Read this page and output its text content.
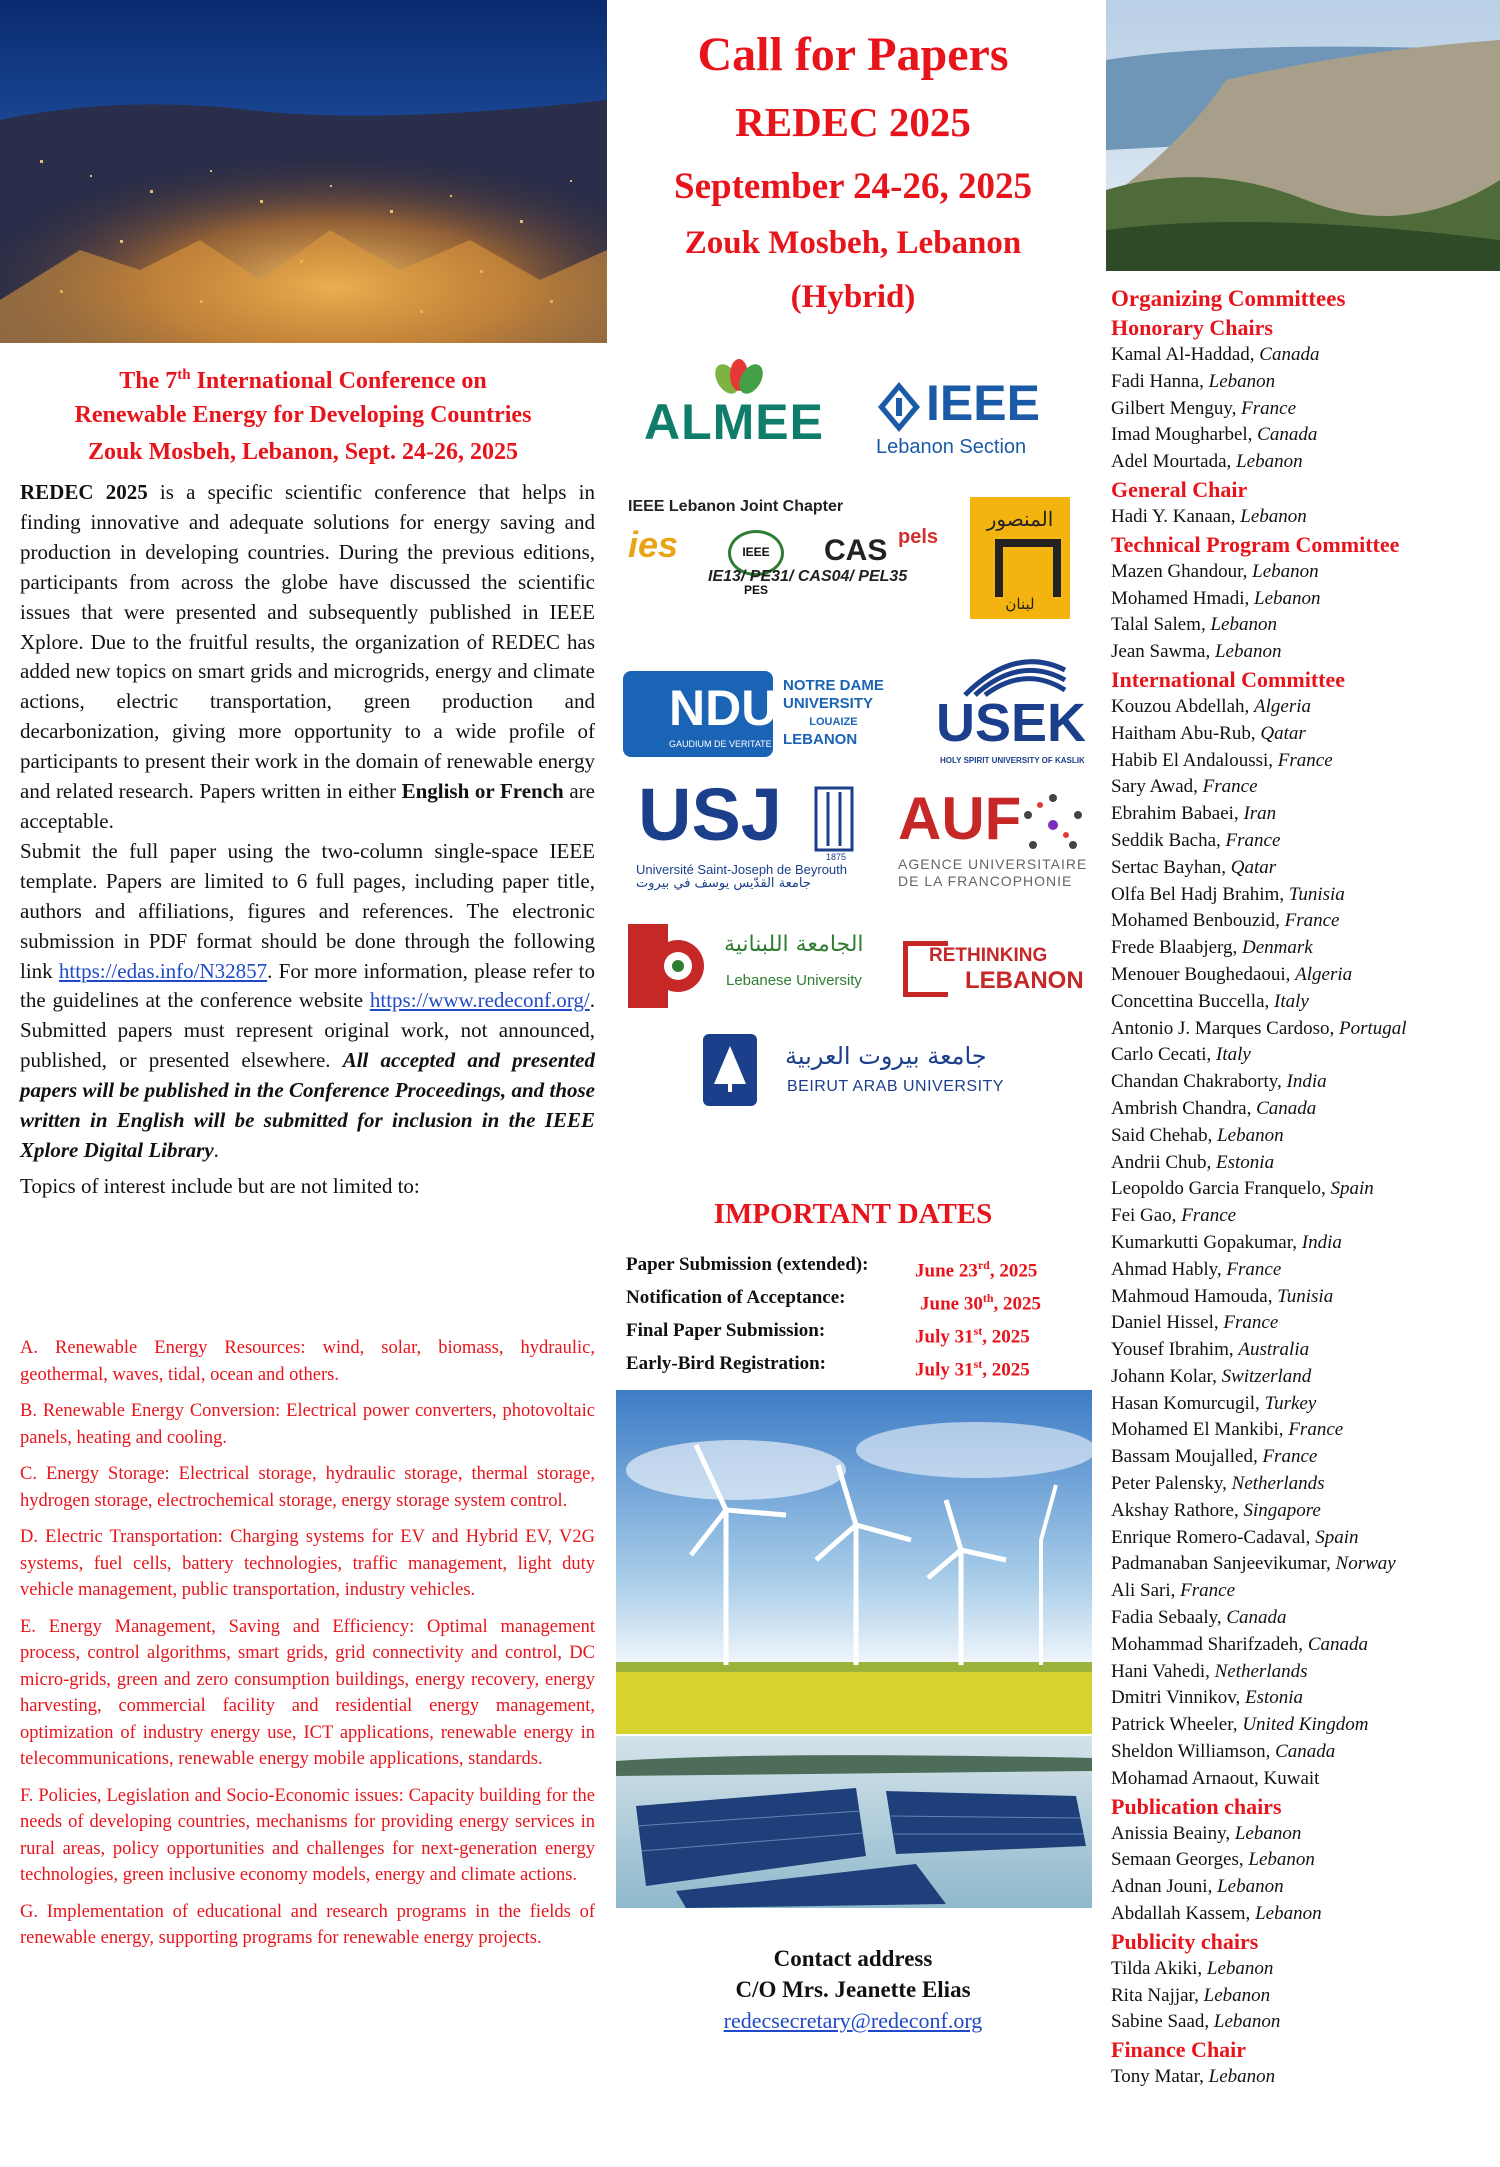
The 7th International Conference on
Renewable Energy for Developing Countries
Zouk Mosbeh, Lebanon, Sept. 24-26, 2025

REDEC 2025 is a specific scientific conference that helps in finding innovative and adequate solutions for energy saving and production in developing countries. During the previous editions, participants from across the globe have discussed the scientific issues that were presented and subsequently published in IEEE Xplore. Due to the fruitful results, the organization of REDEC has added new topics on smart grids and microgrids, energy and climate actions, electric transportation, green production and decarbonization, giving more opportunity to a wide profile of participants to present their work in the domain of renewable energy and related research. Papers written in either English or French are acceptable.

Submit the full paper using the two-column single-space IEEE template. Papers are limited to 6 full pages, including paper title, authors and affiliations, figures and references. The electronic submission in PDF format should be done through the following link https://edas.info/N32857. For more information, please refer to the guidelines at the conference website https://www.redeconf.org/. Submitted papers must represent original work, not announced, published, or presented elsewhere. All accepted and presented papers will be published in the Conference Proceedings, and those written in English will be submitted for inclusion in the IEEE Xplore Digital Library.

Topics of interest include but are not limited to:

A. Renewable Energy Resources: wind, solar, biomass, hydraulic, geothermal, waves, tidal, ocean and others.

B. Renewable Energy Conversion: Electrical power converters, photovoltaic panels, heating and cooling.

C. Energy Storage: Electrical storage, hydraulic storage, thermal storage, hydrogen storage, electrochemical storage, energy storage system control.

D. Electric Transportation: Charging systems for EV and Hybrid EV, V2G systems, fuel cells, battery technologies, traffic management, light duty vehicle management, public transportation, industry vehicles.

E. Energy Management, Saving and Efficiency: Optimal management process, control algorithms, smart grids, grid connectivity and control, DC micro-grids, green and zero consumption buildings, energy recovery, energy harvesting, commercial facility and residential energy management, optimization of industry energy use, ICT applications, renewable energy in telecommunications, renewable energy mobile applications, standards.

F. Policies, Legislation and Socio-Economic issues: Capacity building for the needs of developing countries, mechanisms for providing energy services in rural areas, policy opportunities and challenges for next-generation energy technologies, green inclusive economy models, energy and climate actions.

G. Implementation of educational and research programs in the fields of renewable energy, supporting programs for renewable energy projects.

Call for Papers
REDEC 2025
September 24-26, 2025
Zouk Mosbeh, Lebanon
(Hybrid)
ALMEE IEEE
Lebanon Section
IEEE Lebanon Joint Chapter
ies	IEEE PES
CAS pels
IE13/ PE31/ CAS04/ PEL35
المنصور
لبنان
NDU
GAUDIUM DE VERITATE
NOTRE DAME
UNIVERSITY
LOUAIZE
LEBANON	USEK
HOLY SPIRIT UNIVERSITY OF KASLIK
USJ
1875
Université Saint-Joseph de Beyrouth
جامعة القدّيس يوسف في بيروت
AUF
AGENCE UNIVERSITAIRE
DE LA FRANCOPHONIE
الجامعة اللبنانية
Lebanese University
RETHINKING
LEBANON
جامعة بيروت العربية
BEIRUT ARAB UNIVERSITY
IMPORTANT DATES
Paper Submission (extended):	June 23rd, 2025
Notification of Acceptance:	June 30th, 2025
Final Paper Submission:	July 31st, 2025
Early-Bird Registration:	July 31st, 2025
Contact address
C/O Mrs. Jeanette Elias
redecsecretary@redeconf.org
Organizing Committees
Honorary Chairs
Kamal Al-Haddad, Canada
Fadi Hanna, Lebanon
Gilbert Menguy, France
Imad Mougharbel, Canada
Adel Mourtada, Lebanon
General Chair
Hadi Y. Kanaan, Lebanon
Technical Program Committee
Mazen Ghandour, Lebanon
Mohamed Hmadi, Lebanon
Talal Salem, Lebanon
Jean Sawma, Lebanon
International Committee
Kouzou Abdellah, Algeria
Haitham Abu-Rub, Qatar
Habib El Andaloussi, France
Sary Awad, France
Ebrahim Babaei, Iran
Seddik Bacha, France
Sertac Bayhan, Qatar
Olfa Bel Hadj Brahim, Tunisia
Mohamed Benbouzid, France
Frede Blaabjerg, Denmark
Menouer Boughedaoui, Algeria
Concettina Buccella, Italy
Antonio J. Marques Cardoso, Portugal
Carlo Cecati, Italy
Chandan Chakraborty, India
Ambrish Chandra, Canada
Said Chehab, Lebanon
Andrii Chub, Estonia
Leopoldo Garcia Franquelo, Spain
Fei Gao, France
Kumarkutti Gopakumar, India
Ahmad Hably, France
Mahmoud Hamouda, Tunisia
Daniel Hissel, France
Yousef Ibrahim, Australia
Johann Kolar, Switzerland
Hasan Komurcugil, Turkey
Mohamed El Mankibi, France
Bassam Moujalled, France
Peter Palensky, Netherlands
Akshay Rathore, Singapore
Enrique Romero-Cadaval, Spain
Padmanaban Sanjeevikumar, Norway
Ali Sari, France
Fadia Sebaaly, Canada
Mohammad Sharifzadeh, Canada
Hani Vahedi, Netherlands
Dmitri Vinnikov, Estonia
Patrick Wheeler, United Kingdom
Sheldon Williamson, Canada
Mohamad Arnaout, Kuwait
Publication chairs
Anissia Beainy, Lebanon
Semaan Georges, Lebanon
Adnan Jouni, Lebanon
Abdallah Kassem, Lebanon
Publicity chairs
Tilda Akiki, Lebanon
Rita Najjar, Lebanon
Sabine Saad, Lebanon
Finance Chair
Tony Matar, Lebanon
